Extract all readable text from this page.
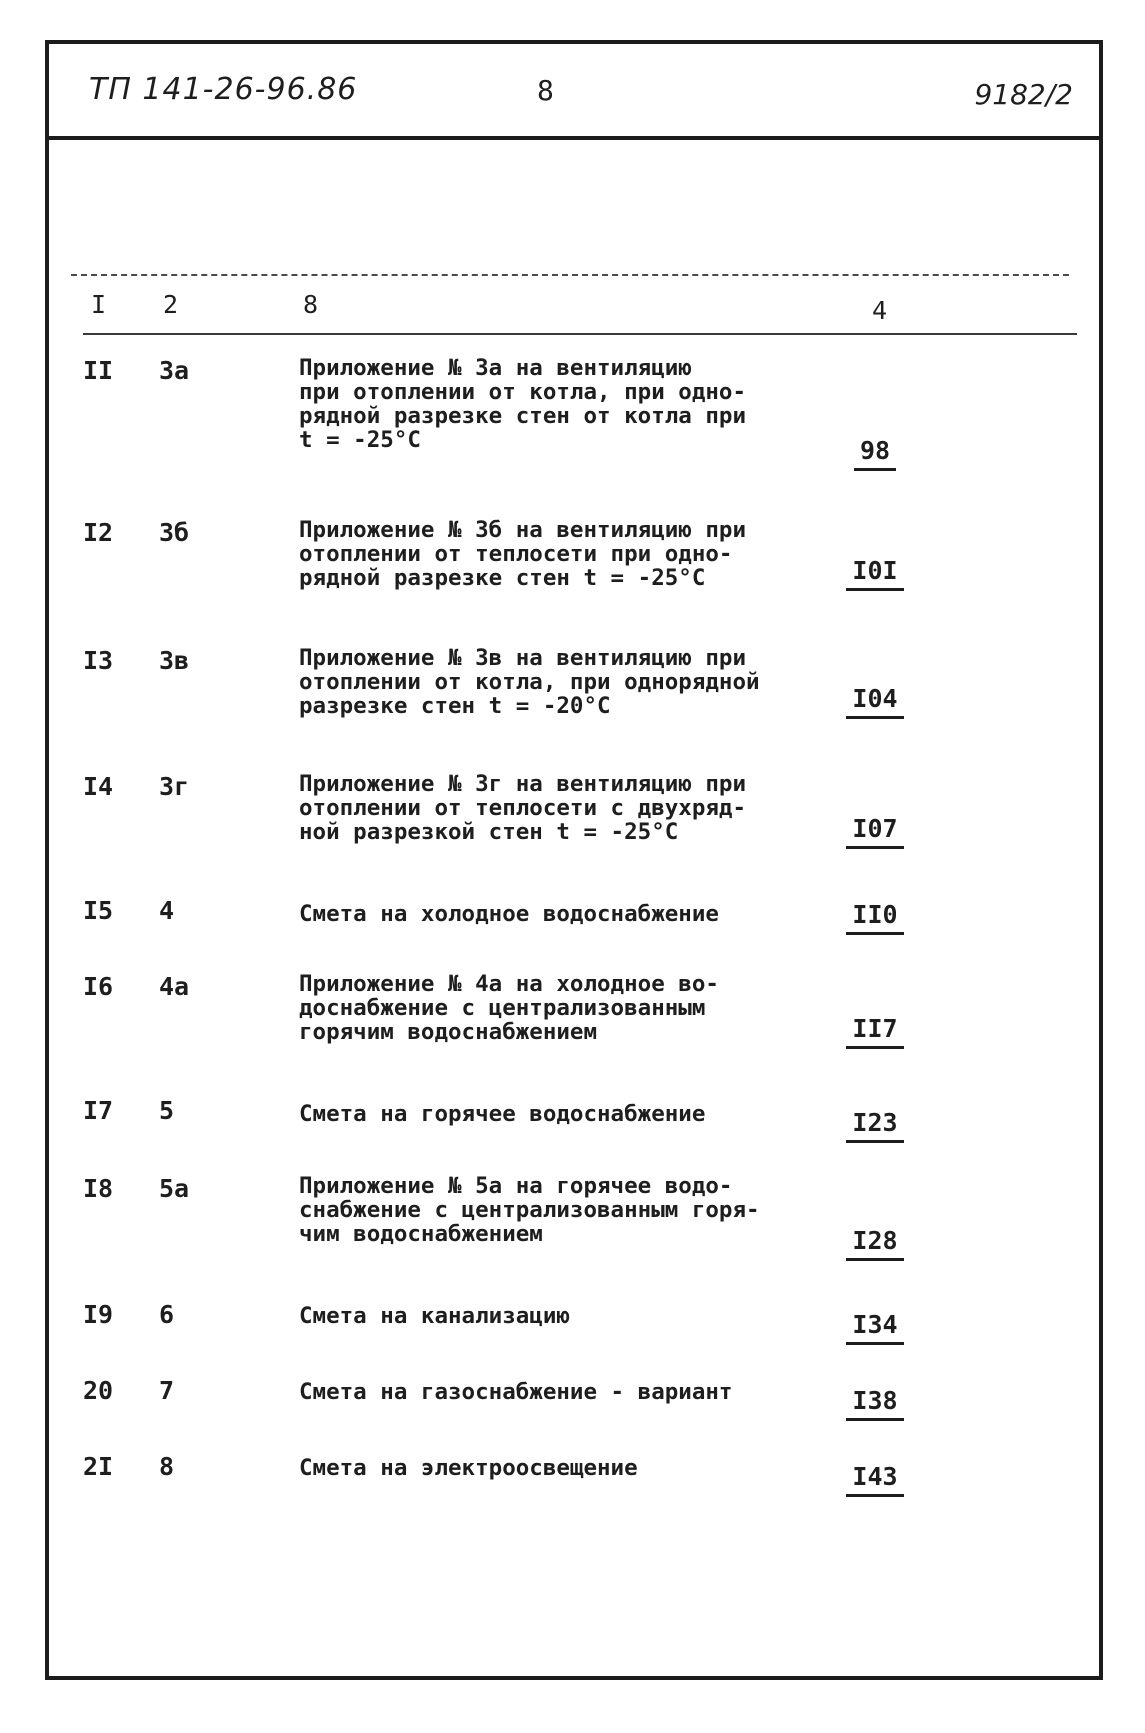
ТП 141-26-96.86	8	9182/2
I 2	8	4
II 3а	Приложение № 3а на вентиляцию
при отоплении от котла, при одно-
рядной разрезке стен от котла при
t = -25°С	98
I2 3б	Приложение № 3б на вентиляцию при
отоплении от теплосети при одно-
рядной разрезке стен t = -25°С	I0I
I3 3в	Приложение № 3в на вентиляцию при
отоплении от котла, при однорядной
разрезке стен t = -20°С	I04
I4 3г	Приложение № 3г на вентиляцию при
отоплении от теплосети с двухряд-
ной разрезкой стен t = -25°С	I07
I5 4	Смета на холодное водоснабжение	II0
I6 4а	Приложение № 4а на холодное во-
доснабжение с централизованным
горячим водоснабжением	II7
I7 5	Смета на горячее водоснабжение	I23
I8 5а	Приложение № 5а на горячее водо-
снабжение с централизованным горя-
чим водоснабжением	I28
I9 6	Смета на канализацию	I34
20 7	Смета на газоснабжение - вариант	I38
2I 8	Смета на электроосвещение	I43
